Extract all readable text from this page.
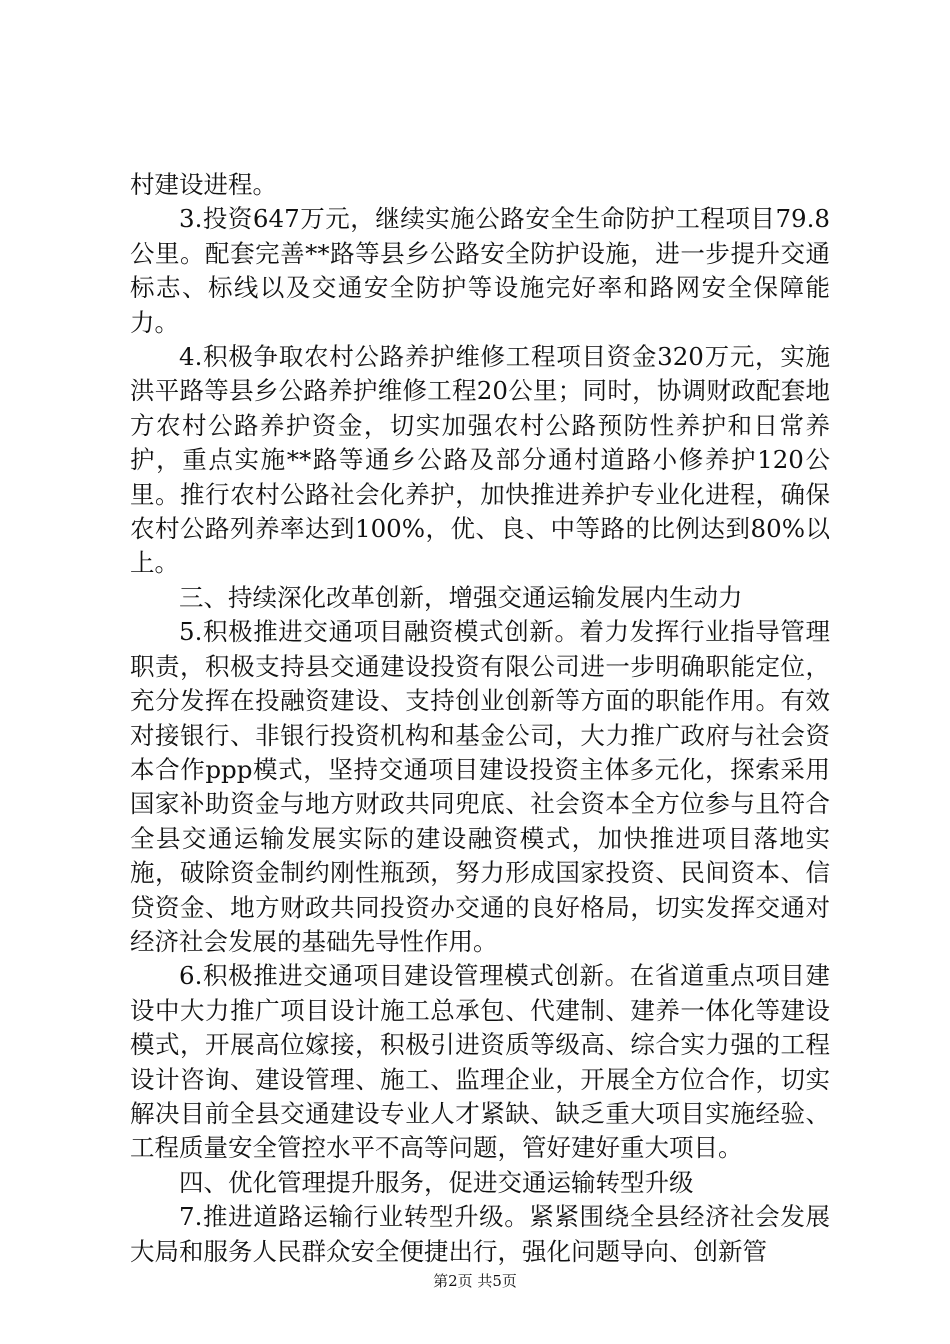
村建设进程。

3.投资647万元，继续实施公路安全生命防护工程项目79.8公里。配套完善**路等县乡公路安全防护设施，进一步提升交通标志、标线以及交通安全防护等设施完好率和路网安全保障能力。

4.积极争取农村公路养护维修工程项目资金320万元，实施洪平路等县乡公路养护维修工程20公里；同时，协调财政配套地方农村公路养护资金，切实加强农村公路预防性养护和日常养护，重点实施**路等通乡公路及部分通村道路小修养护120公里。推行农村公路社会化养护，加快推进养护专业化进程，确保农村公路列养率达到100%，优、良、中等路的比例达到80%以上。

三、持续深化改革创新，增强交通运输发展内生动力

5.积极推进交通项目融资模式创新。着力发挥行业指导管理职责，积极支持县交通建设投资有限公司进一步明确职能定位，充分发挥在投融资建设、支持创业创新等方面的职能作用。有效对接银行、非银行投资机构和基金公司，大力推广政府与社会资本合作ppp模式，坚持交通项目建设投资主体多元化，探索采用国家补助资金与地方财政共同兜底、社会资本全方位参与且符合全县交通运输发展实际的建设融资模式，加快推进项目落地实施，破除资金制约刚性瓶颈，努力形成国家投资、民间资本、信贷资金、地方财政共同投资办交通的良好格局，切实发挥交通对经济社会发展的基础先导性作用。

6.积极推进交通项目建设管理模式创新。在省道重点项目建设中大力推广项目设计施工总承包、代建制、建养一体化等建设模式，开展高位嫁接，积极引进资质等级高、综合实力强的工程设计咨询、建设管理、施工、监理企业，开展全方位合作，切实解决目前全县交通建设专业人才紧缺、缺乏重大项目实施经验、工程质量安全管控水平不高等问题，管好建好重大项目。

四、优化管理提升服务，促进交通运输转型升级

7.推进道路运输行业转型升级。紧紧围绕全县经济社会发展大局和服务人民群众安全便捷出行，强化问题导向、创新管

第2页 共5页
